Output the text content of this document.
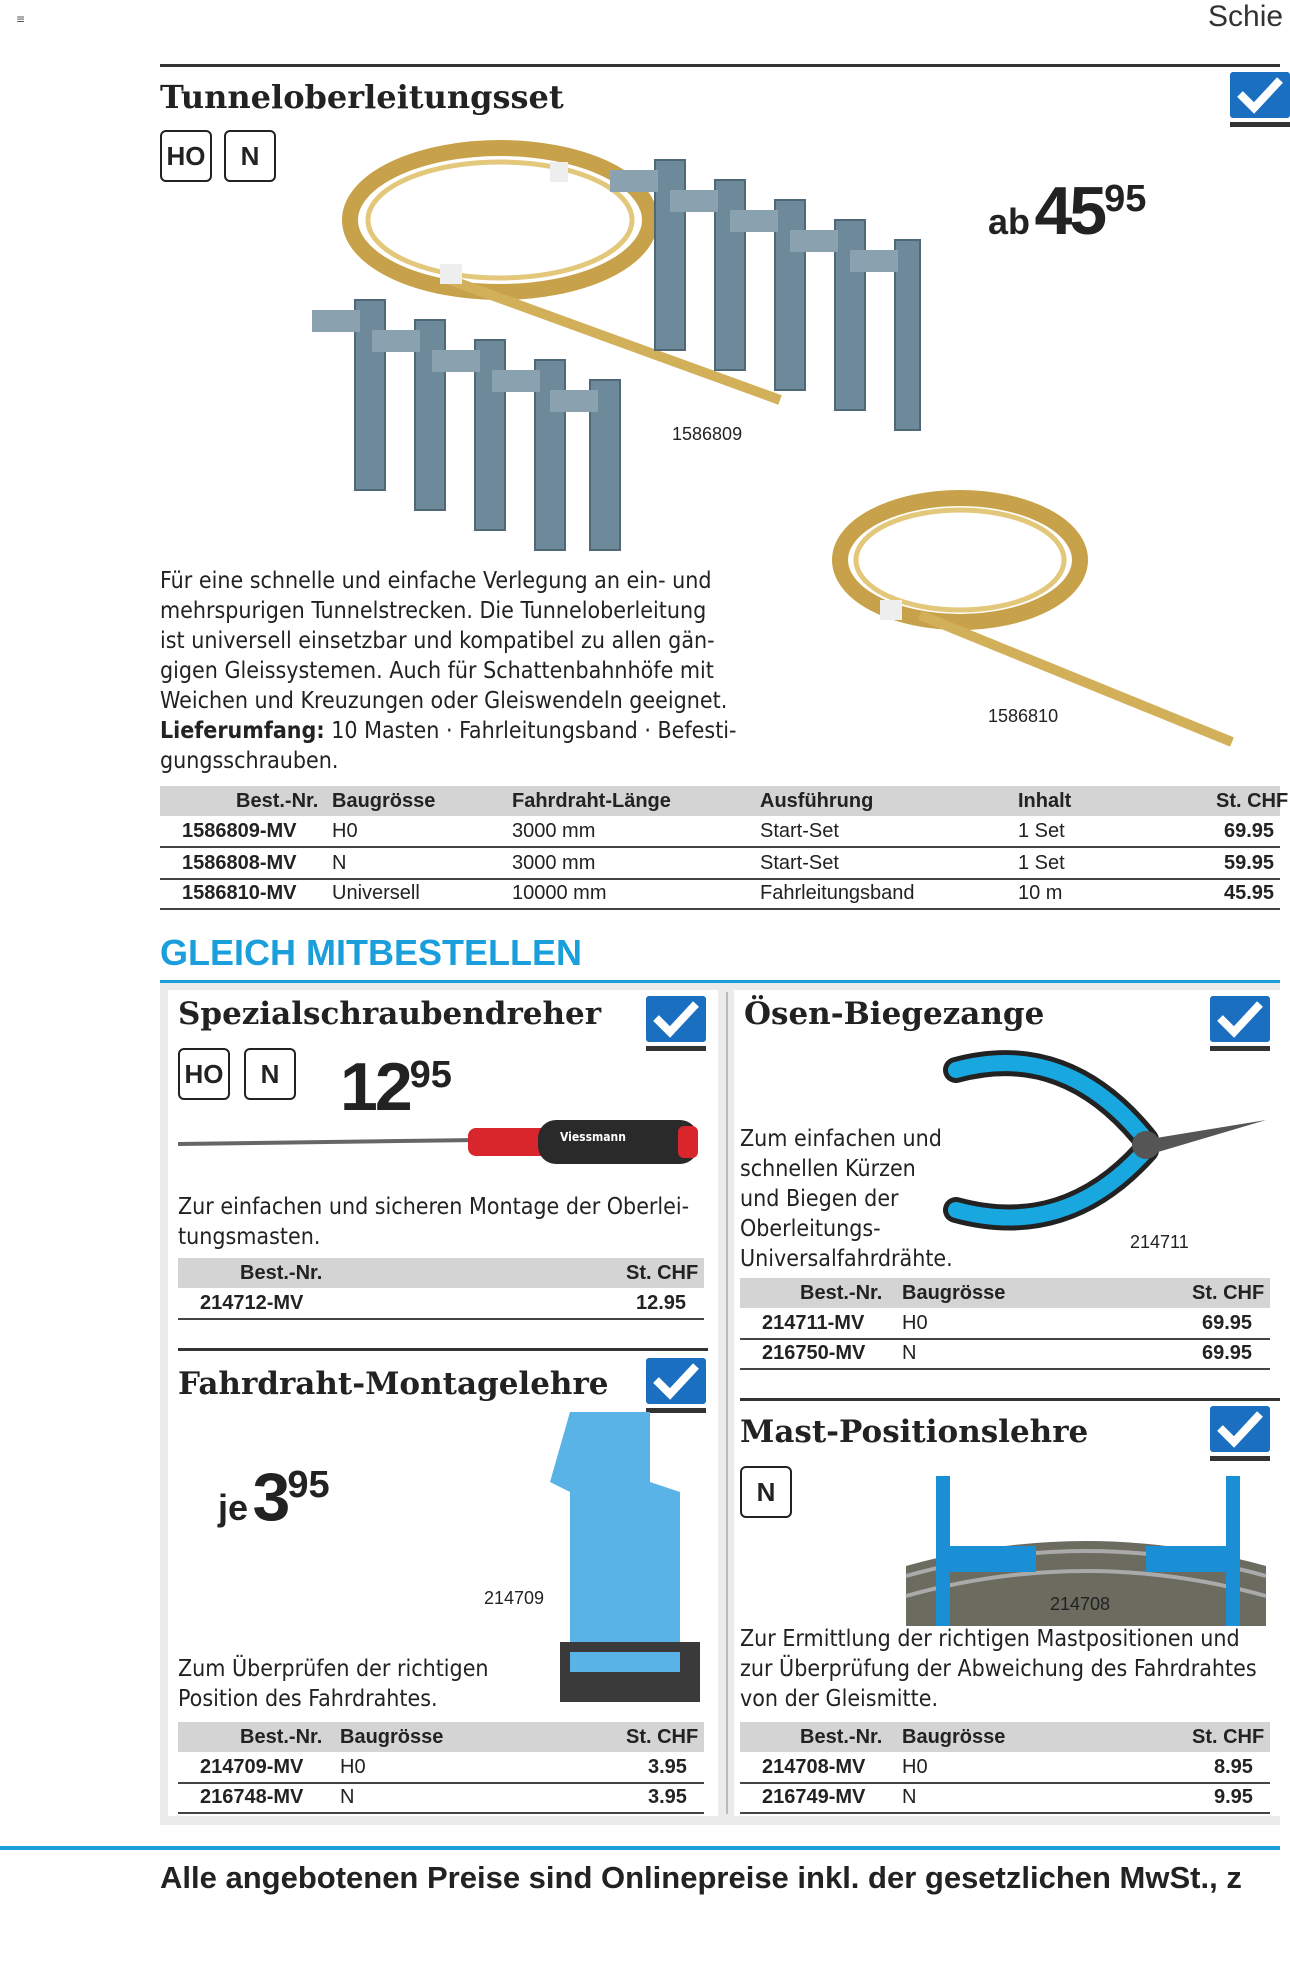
≡	Schie
Tunneloberleitungsset
HO	N
1586809
ab 4595
1586810
Für eine schnelle und einfache Verlegung an ein- und
mehrspurigen Tunnelstrecken. Die Tunneloberleitung
ist universell einsetzbar und kompatibel zu allen gän-
gigen Gleissystemen. Auch für Schattenbahnhöfe mit
Weichen und Kreuzungen oder Gleiswendeln geeignet.
Lieferumfang: 10 Masten · Fahrleitungsband · Befesti-
gungsschrauben.
Best.-Nr. Baugrösse	Fahrdraht-Länge	Ausführung	Inhalt	St. CHF
1586809-MV H0	3000 mm	Start-Set	1 Set	69.95
1586808-MV N	3000 mm	Start-Set	1 Set	59.95
1586810-MV Universell	10000 mm	Fahrleitungsband	10 m	45.95
GLEICH MITBESTELLEN
Spezialschraubendreher
HO	N 1295
Viessmann
Zur einfachen und sicheren Montage der Oberlei-
tungsmasten.
Best.-Nr.	St. CHF
214712-MV	12.95
Ösen-Biegezange
214711
Zum einfachen und
schnellen Kürzen
und Biegen der
Oberleitungs-
Universalfahrdrähte.
Best.-Nr. Baugrösse	St. CHF
214711-MV H0	69.95
216750-MV N	69.95
Fahrdraht-Montagelehre
je 395
214709
Zum Überprüfen der richtigen
Position des Fahrdrahtes.
Best.-Nr. Baugrösse	St. CHF
214709-MV H0	3.95
216748-MV N	3.95
Mast-Positionslehre
N
214708
Zur Ermittlung der richtigen Mastpositionen und
zur Überprüfung der Abweichung des Fahrdrahtes
von der Gleismitte.
Best.-Nr. Baugrösse	St. CHF
214708-MV H0	8.95
216749-MV N	9.95
Alle angebotenen Preise sind Onlinepreise inkl. der gesetzlichen MwSt., z
